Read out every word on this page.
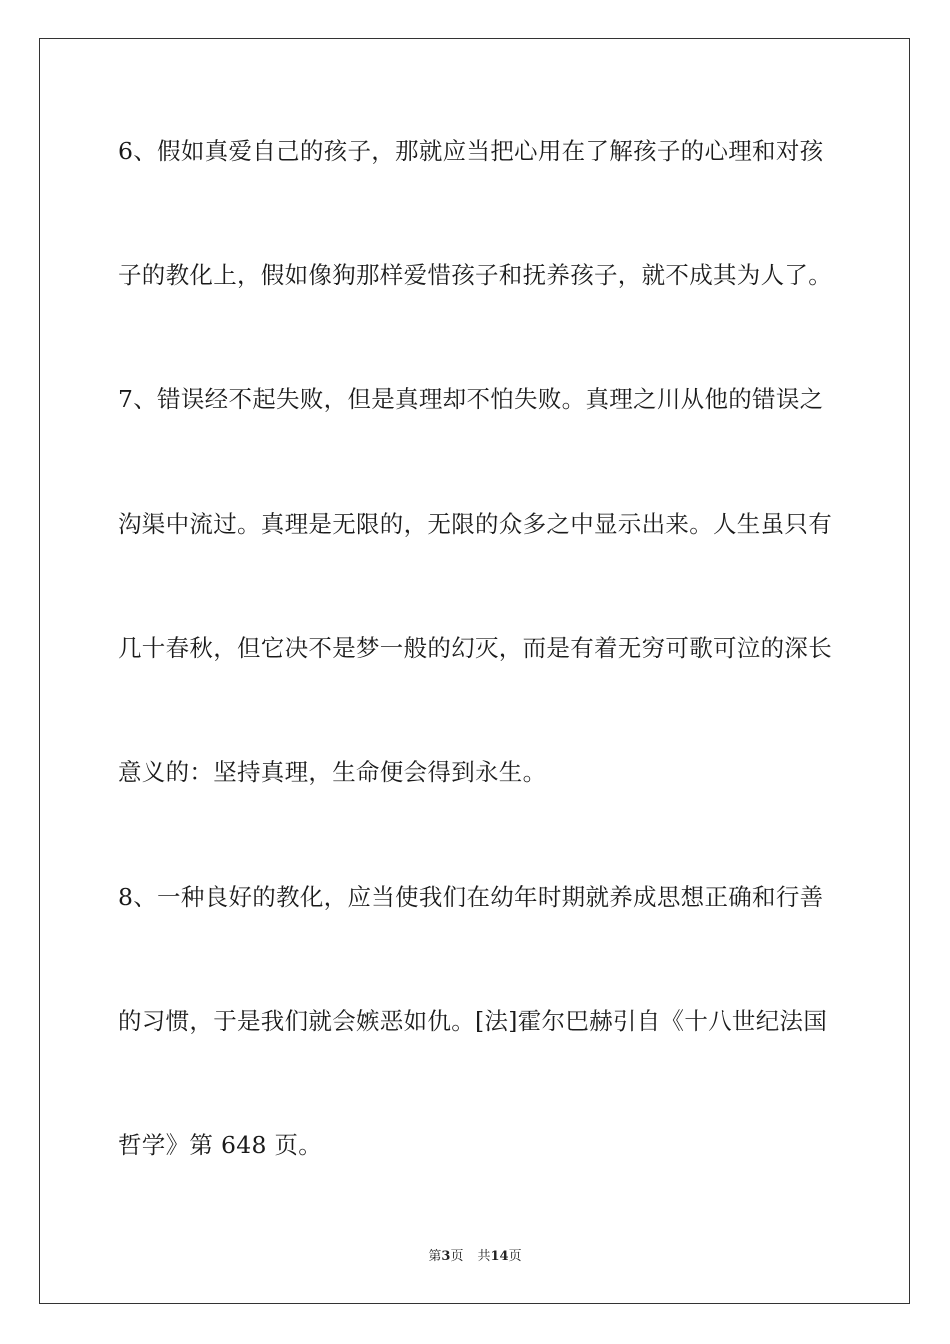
6、假如真爱自己的孩子，那就应当把心用在了解孩子的心理和对孩
子的教化上，假如像狗那样爱惜孩子和抚养孩子，就不成其为人了。
7、错误经不起失败，但是真理却不怕失败。真理之川从他的错误之
沟渠中流过。真理是无限的，无限的众多之中显示出来。人生虽只有
几十春秋，但它决不是梦一般的幻灭，而是有着无穷可歌可泣的深长
意义的：坚持真理，生命便会得到永生。
8、一种良好的教化，应当使我们在幼年时期就养成思想正确和行善
的习惯，于是我们就会嫉恶如仇。[法]霍尔巴赫引自《十八世纪法国
哲学》第 648 页。
第3页 共14页
